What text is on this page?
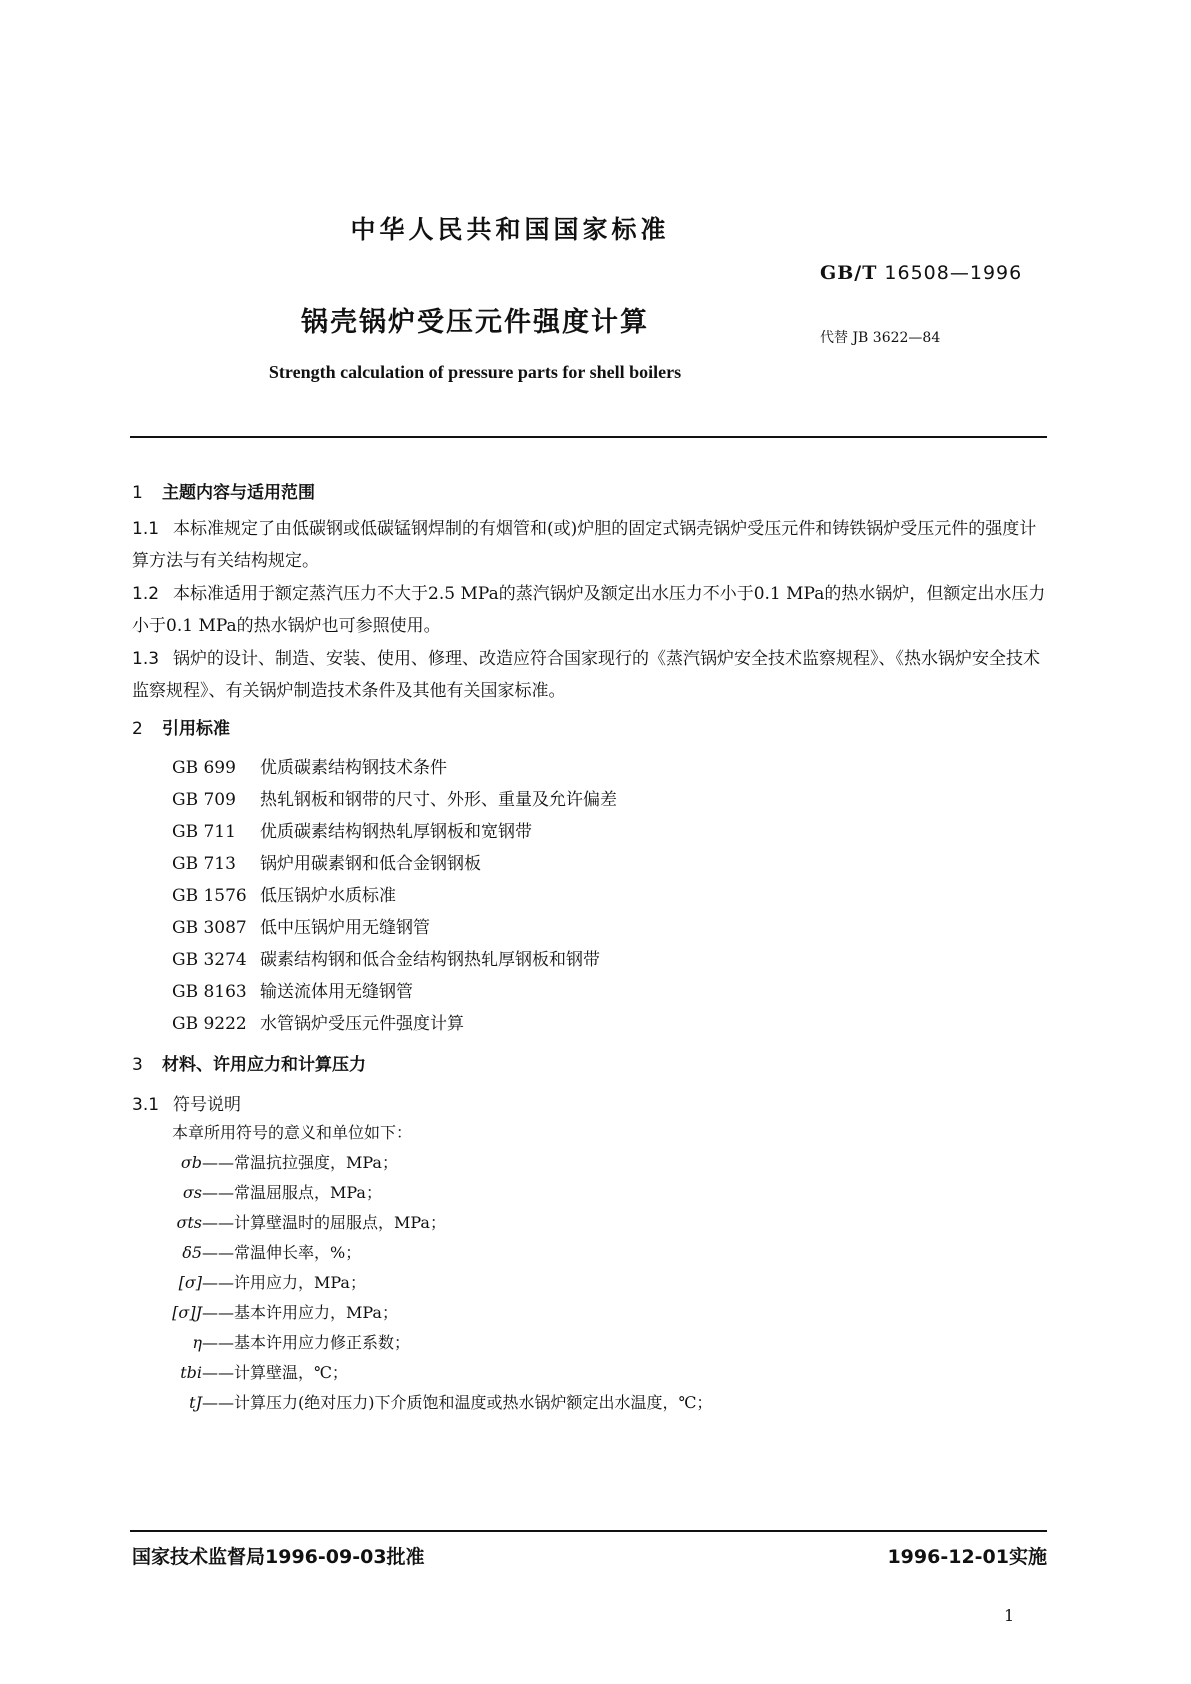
中华人民共和国国家标准
GB/T 16508—1996
锅壳锅炉受压元件强度计算	代替 JB 3622—84
Strength calculation of pressure parts for shell boilers
1 主题内容与适用范围
1.1 本标准规定了由低碳钢或低碳锰钢焊制的有烟管和(或)炉胆的固定式锅壳锅炉受压元件和铸铁锅炉受压元件的强度计算方法与有关结构规定。
1.2 本标准适用于额定蒸汽压力不大于2.5 MPa的蒸汽锅炉及额定出水压力不小于0.1 MPa的热水锅炉，但额定出水压力小于0.1 MPa的热水锅炉也可参照使用。
1.3 锅炉的设计、制造、安装、使用、修理、改造应符合国家现行的《蒸汽锅炉安全技术监察规程》、《热水锅炉安全技术监察规程》、有关锅炉制造技术条件及其他有关国家标准。
2 引用标准
GB 699 优质碳素结构钢技术条件
GB 709 热轧钢板和钢带的尺寸、外形、重量及允许偏差
GB 711 优质碳素结构钢热轧厚钢板和宽钢带
GB 713 锅炉用碳素钢和低合金钢钢板
GB 1576 低压锅炉水质标准
GB 3087 低中压锅炉用无缝钢管
GB 3274 碳素结构钢和低合金结构钢热轧厚钢板和钢带
GB 8163 输送流体用无缝钢管
GB 9222 水管锅炉受压元件强度计算
3 材料、许用应力和计算压力
3.1 符号说明
本章所用符号的意义和单位如下：
σb——常温抗拉强度，MPa；
σs——常温屈服点，MPa；
σts——计算壁温时的屈服点，MPa；
δ5——常温伸长率，%；
[σ]——许用应力，MPa；
[σ]J——基本许用应力，MPa；
η——基本许用应力修正系数；
tbi——计算壁温，℃；
tJ——计算压力(绝对压力)下介质饱和温度或热水锅炉额定出水温度，℃；
国家技术监督局1996-09-03批准	1996-12-01实施
1
